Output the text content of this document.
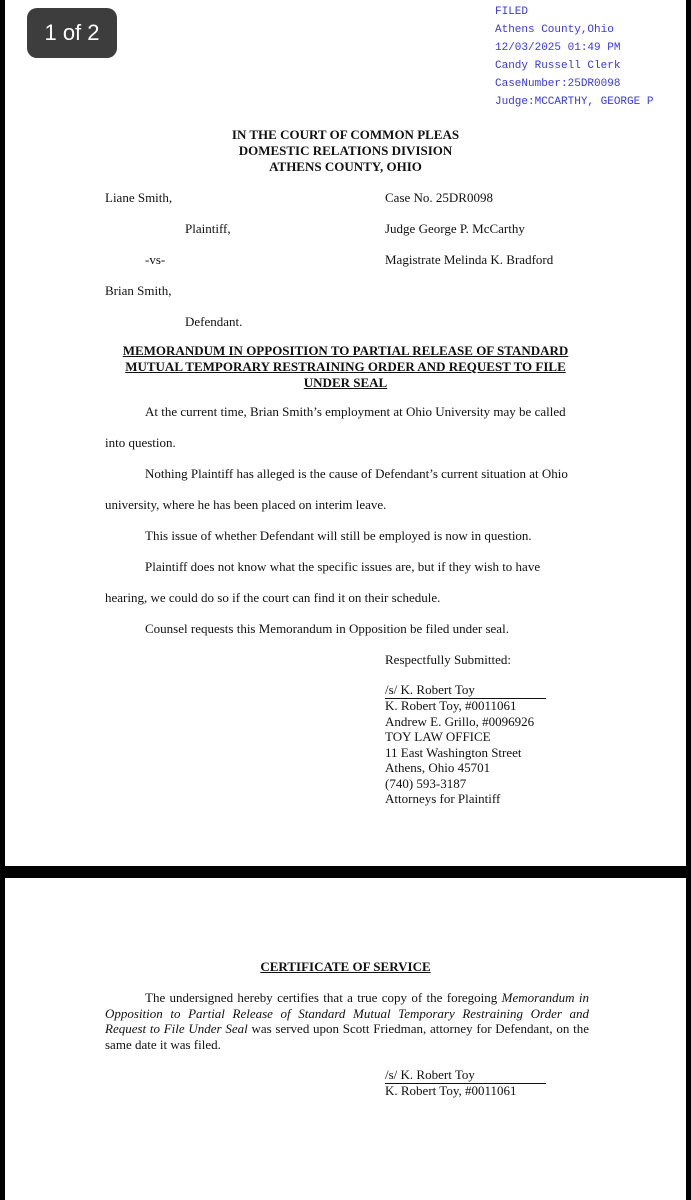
FILED
Athens County,Ohio
12/03/2025 01:49 PM
Candy Russell Clerk
CaseNumber:25DR0098
Judge:MCCARTHY, GEORGE P
IN THE COURT OF COMMON PLEAS
DOMESTIC RELATIONS DIVISION
ATHENS COUNTY, OHIO
Liane Smith,
Plaintiff,
-vs-
Brian Smith,
Defendant.
Case No. 25DR0098
Judge George P. McCarthy
Magistrate Melinda K. Bradford
MEMORANDUM IN OPPOSITION TO PARTIAL RELEASE OF STANDARD
MUTUAL TEMPORARY RESTRAINING ORDER AND REQUEST TO FILE
UNDER SEAL
At the current time, Brian Smith’s employment at Ohio University may be called
into question.
Nothing Plaintiff has alleged is the cause of Defendant’s current situation at Ohio
university, where he has been placed on interim leave.
This issue of whether Defendant will still be employed is now in question.
Plaintiff does not know what the specific issues are, but if they wish to have
hearing, we could do so if the court can find it on their schedule.
Counsel requests this Memorandum in Opposition be filed under seal.
Respectfully Submitted:
/s/ K. Robert Toy
K. Robert Toy, #0011061
Andrew E. Grillo, #0096926
TOY LAW OFFICE
11 East Washington Street
Athens, Ohio 45701
(740) 593-3187
Attorneys for Plaintiff
CERTIFICATE OF SERVICE
The undersigned hereby certifies that a true copy of the foregoing Memorandum in Opposition to Partial Release of Standard Mutual Temporary Restraining Order and Request to File Under Seal was served upon Scott Friedman, attorney for Defendant, on the same date it was filed.
/s/ K. Robert Toy
K. Robert Toy, #0011061
1 of 2
